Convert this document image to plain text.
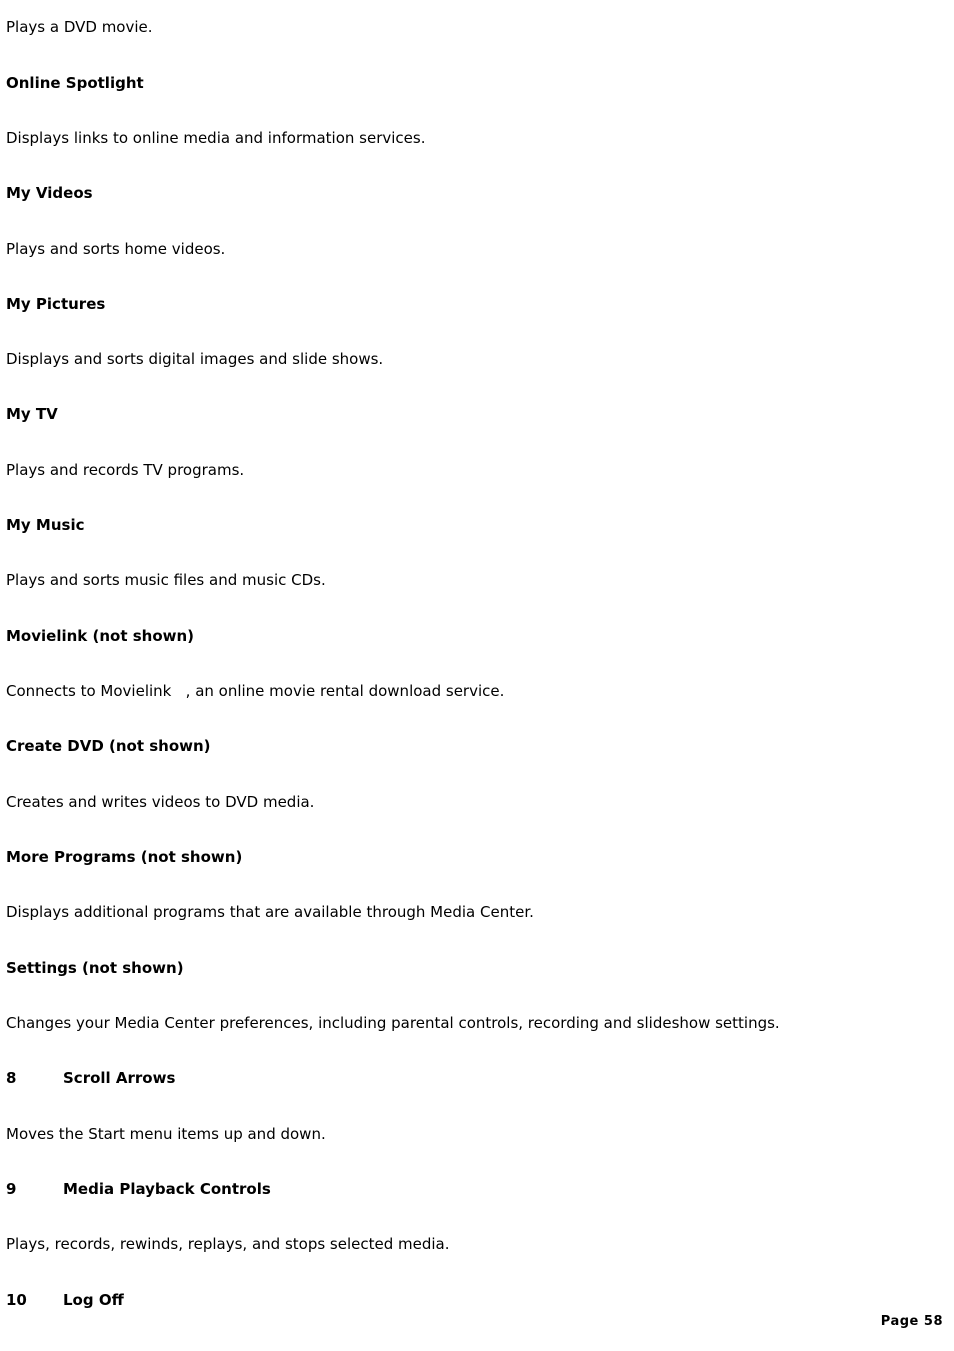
Plays a DVD movie.
Online Spotlight
Displays links to online media and information services.
My Videos
Plays and sorts home videos.
My Pictures
Displays and sorts digital images and slide shows.
My TV
Plays and records TV programs.
My Music
Plays and sorts music files and music CDs.
Movielink (not shown)
Connects to Movielink   , an online movie rental download service.
Create DVD (not shown)
Creates and writes videos to DVD media.
More Programs (not shown)
Displays additional programs that are available through Media Center.
Settings (not shown)
Changes your Media Center preferences, including parental controls, recording and slideshow settings.
8	Scroll Arrows
Moves the Start menu items up and down.
9	Media Playback Controls
Plays, records, rewinds, replays, and stops selected media.
10 Log Off
Page 58
